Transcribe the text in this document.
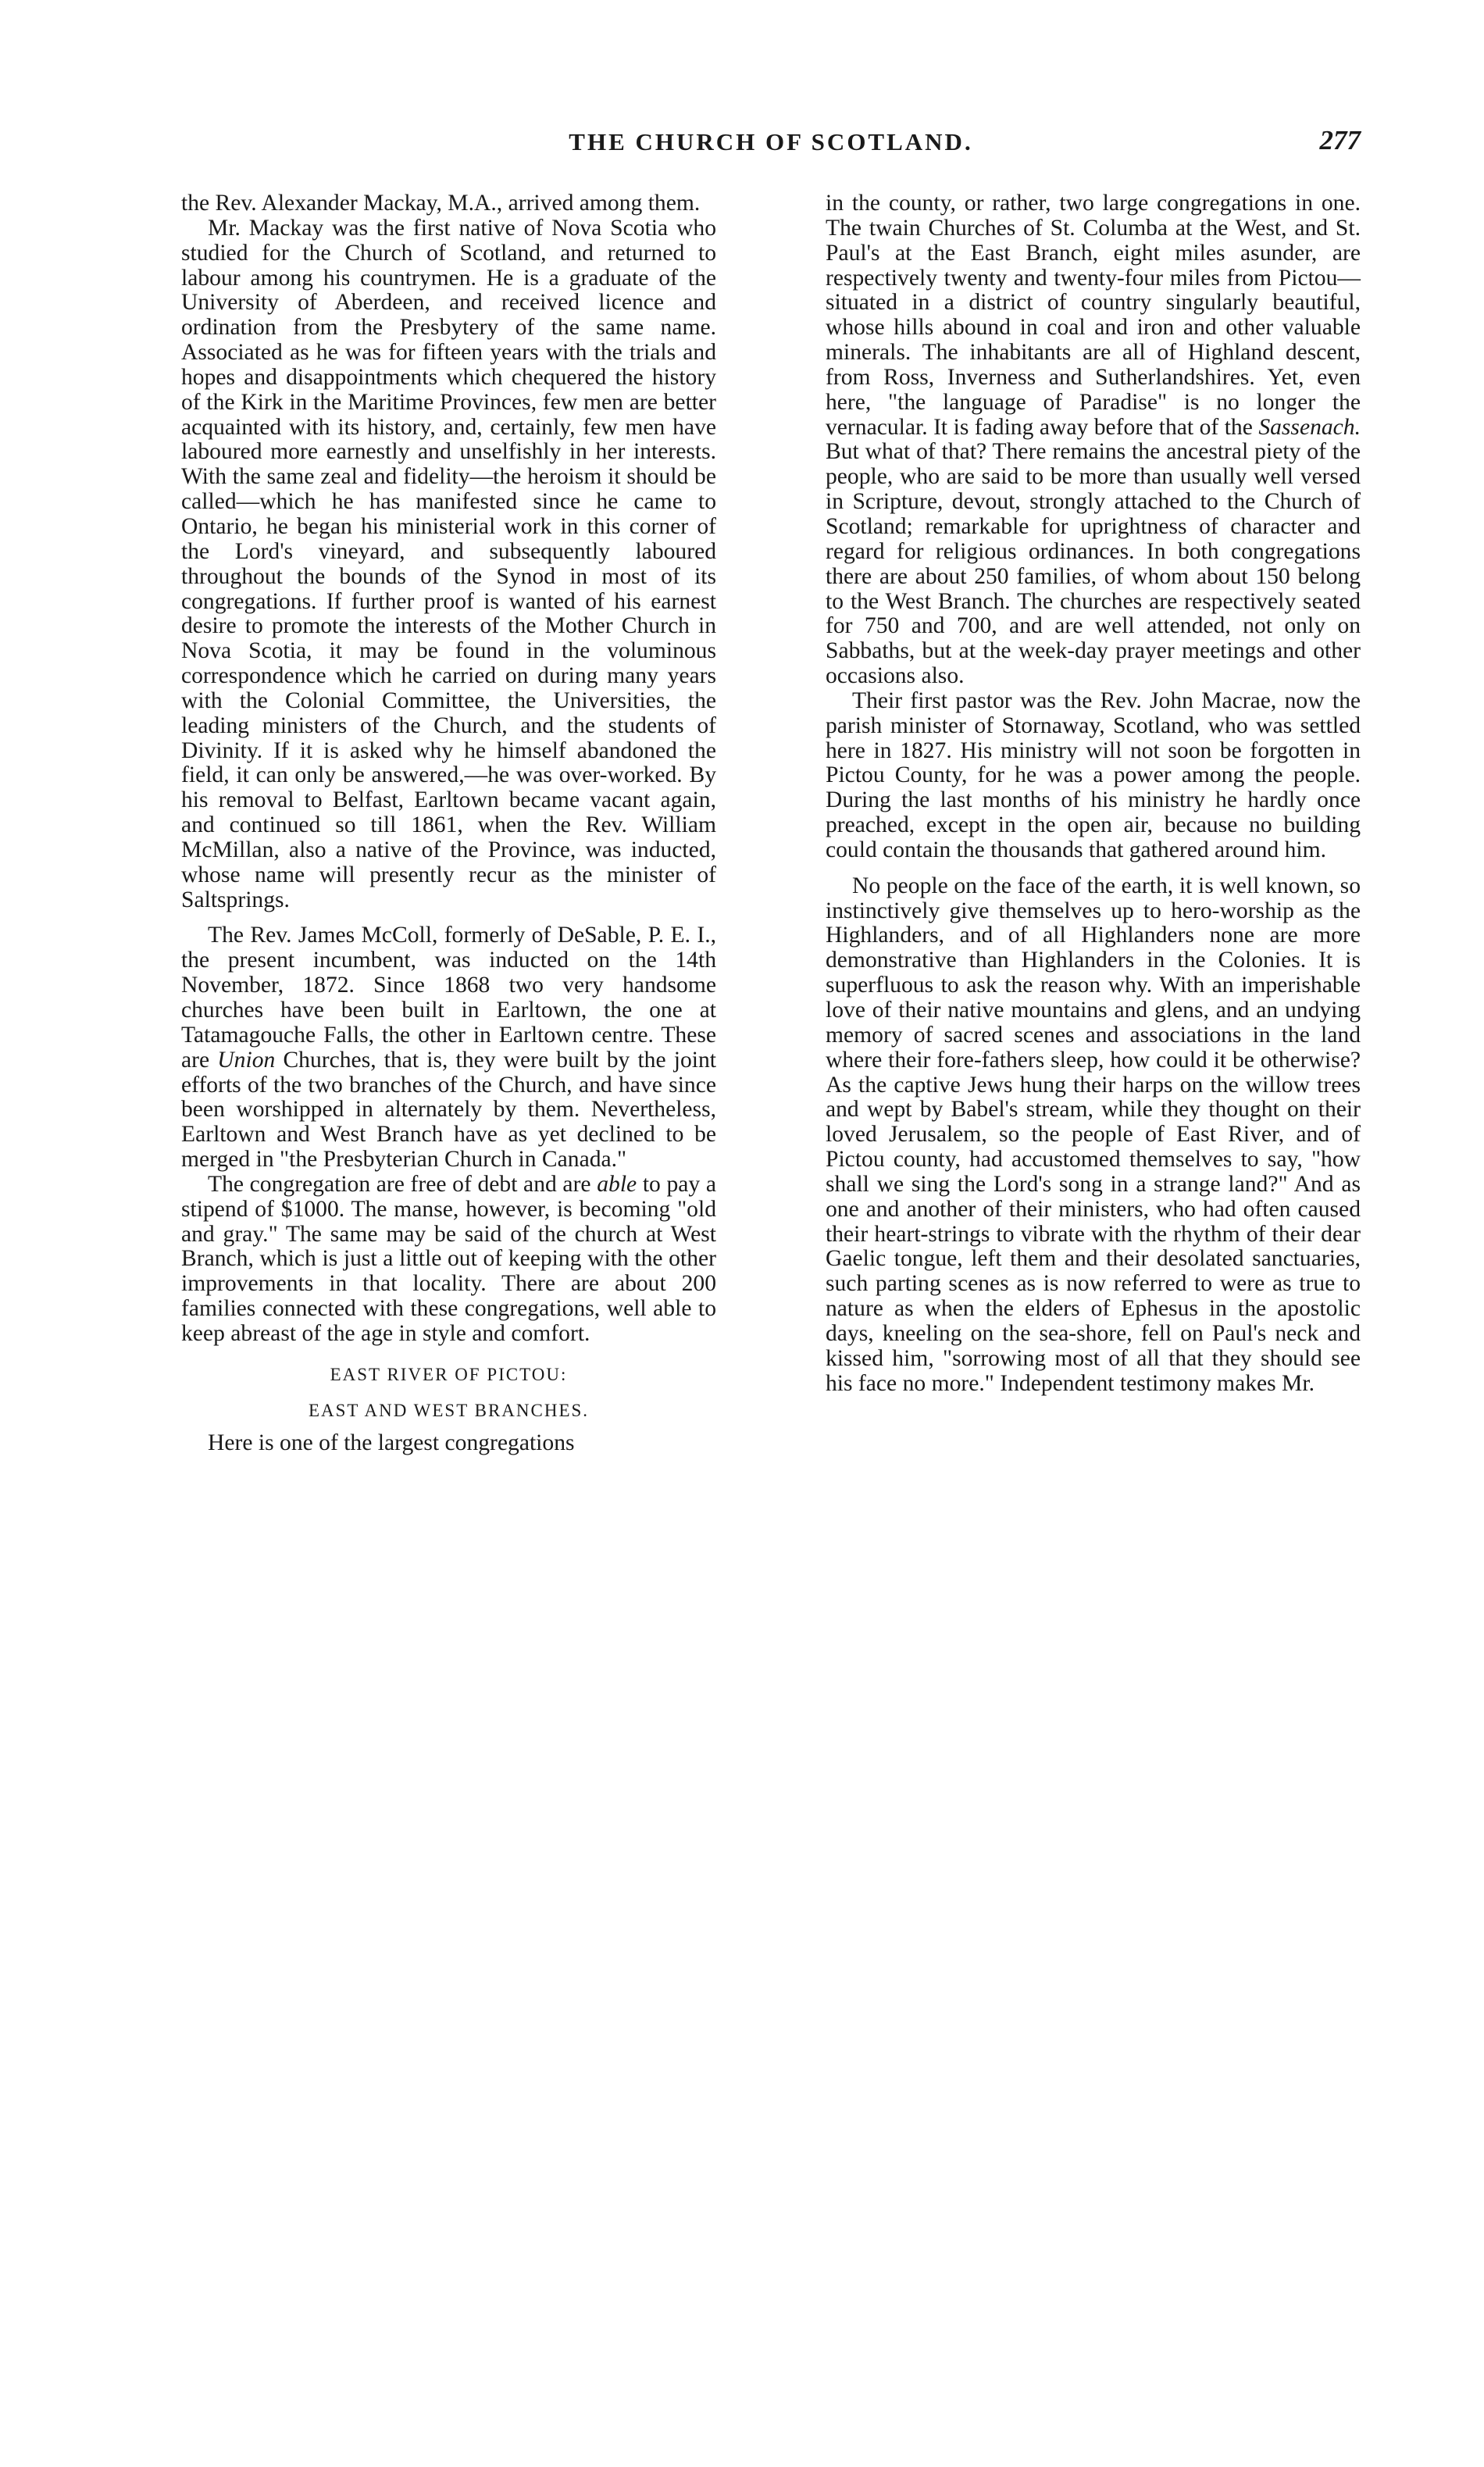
THE CHURCH OF SCOTLAND.	277

the Rev. Alexander Mackay, M.A., arrived among them.

Mr. Mackay was the first native of Nova Scotia who studied for the Church of Scotland, and returned to labour among his countrymen. He is a graduate of the University of Aberdeen, and received licence and ordination from the Presbytery of the same name. Associated as he was for fifteen years with the trials and hopes and disappointments which chequered the history of the Kirk in the Maritime Provinces, few men are better acquainted with its history, and, certainly, few men have laboured more earnestly and unselfishly in her interests. With the same zeal and fidelity—the heroism it should be called—which he has manifested since he came to Ontario, he began his ministerial work in this corner of the Lord's vineyard, and subsequently laboured throughout the bounds of the Synod in most of its congregations. If further proof is wanted of his earnest desire to promote the interests of the Mother Church in Nova Scotia, it may be found in the voluminous correspondence which he carried on during many years with the Colonial Committee, the Universities, the leading ministers of the Church, and the students of Divinity. If it is asked why he himself abandoned the field, it can only be answered,—he was over-worked. By his removal to Belfast, Earltown became vacant again, and continued so till 1861, when the Rev. William McMillan, also a native of the Province, was inducted, whose name will presently recur as the minister of Saltsprings.

The Rev. James McColl, formerly of DeSable, P. E. I., the present incumbent, was inducted on the 14th November, 1872. Since 1868 two very handsome churches have been built in Earltown, the one at Tatamagouche Falls, the other in Earltown centre. These are Union Churches, that is, they were built by the joint efforts of the two branches of the Church, and have since been worshipped in alternately by them. Nevertheless, Earltown and West Branch have as yet declined to be merged in "the Presbyterian Church in Canada."

The congregation are free of debt and are able to pay a stipend of $1000. The manse, however, is becoming "old and gray." The same may be said of the church at West Branch, which is just a little out of keeping with the other improvements in that locality. There are about 200 families connected with these congregations, well able to keep abreast of the age in style and comfort.

EAST RIVER OF PICTOU:

EAST AND WEST BRANCHES.

Here is one of the largest congregations

in the county, or rather, two large congregations in one. The twain Churches of St. Columba at the West, and St. Paul's at the East Branch, eight miles asunder, are respectively twenty and twenty-four miles from Pictou—situated in a district of country singularly beautiful, whose hills abound in coal and iron and other valuable minerals. The inhabitants are all of Highland descent, from Ross, Inverness and Sutherlandshires. Yet, even here, "the language of Paradise" is no longer the vernacular. It is fading away before that of the Sassenach. But what of that? There remains the ancestral piety of the people, who are said to be more than usually well versed in Scripture, devout, strongly attached to the Church of Scotland; remarkable for uprightness of character and regard for religious ordinances. In both congregations there are about 250 families, of whom about 150 belong to the West Branch. The churches are respectively seated for 750 and 700, and are well attended, not only on Sabbaths, but at the week-day prayer meetings and other occasions also.

Their first pastor was the Rev. John Macrae, now the parish minister of Stornaway, Scotland, who was settled here in 1827. His ministry will not soon be forgotten in Pictou County, for he was a power among the people. During the last months of his ministry he hardly once preached, except in the open air, because no building could contain the thousands that gathered around him.

No people on the face of the earth, it is well known, so instinctively give themselves up to hero-worship as the Highlanders, and of all Highlanders none are more demonstrative than Highlanders in the Colonies. It is superfluous to ask the reason why. With an imperishable love of their native mountains and glens, and an undying memory of sacred scenes and associations in the land where their fore-fathers sleep, how could it be otherwise? As the captive Jews hung their harps on the willow trees and wept by Babel's stream, while they thought on their loved Jerusalem, so the people of East River, and of Pictou county, had accustomed themselves to say, "how shall we sing the Lord's song in a strange land?" And as one and another of their ministers, who had often caused their heart-strings to vibrate with the rhythm of their dear Gaelic tongue, left them and their desolated sanctuaries, such parting scenes as is now referred to were as true to nature as when the elders of Ephesus in the apostolic days, kneeling on the sea-shore, fell on Paul's neck and kissed him, "sorrowing most of all that they should see his face no more." Independent testimony makes Mr.
